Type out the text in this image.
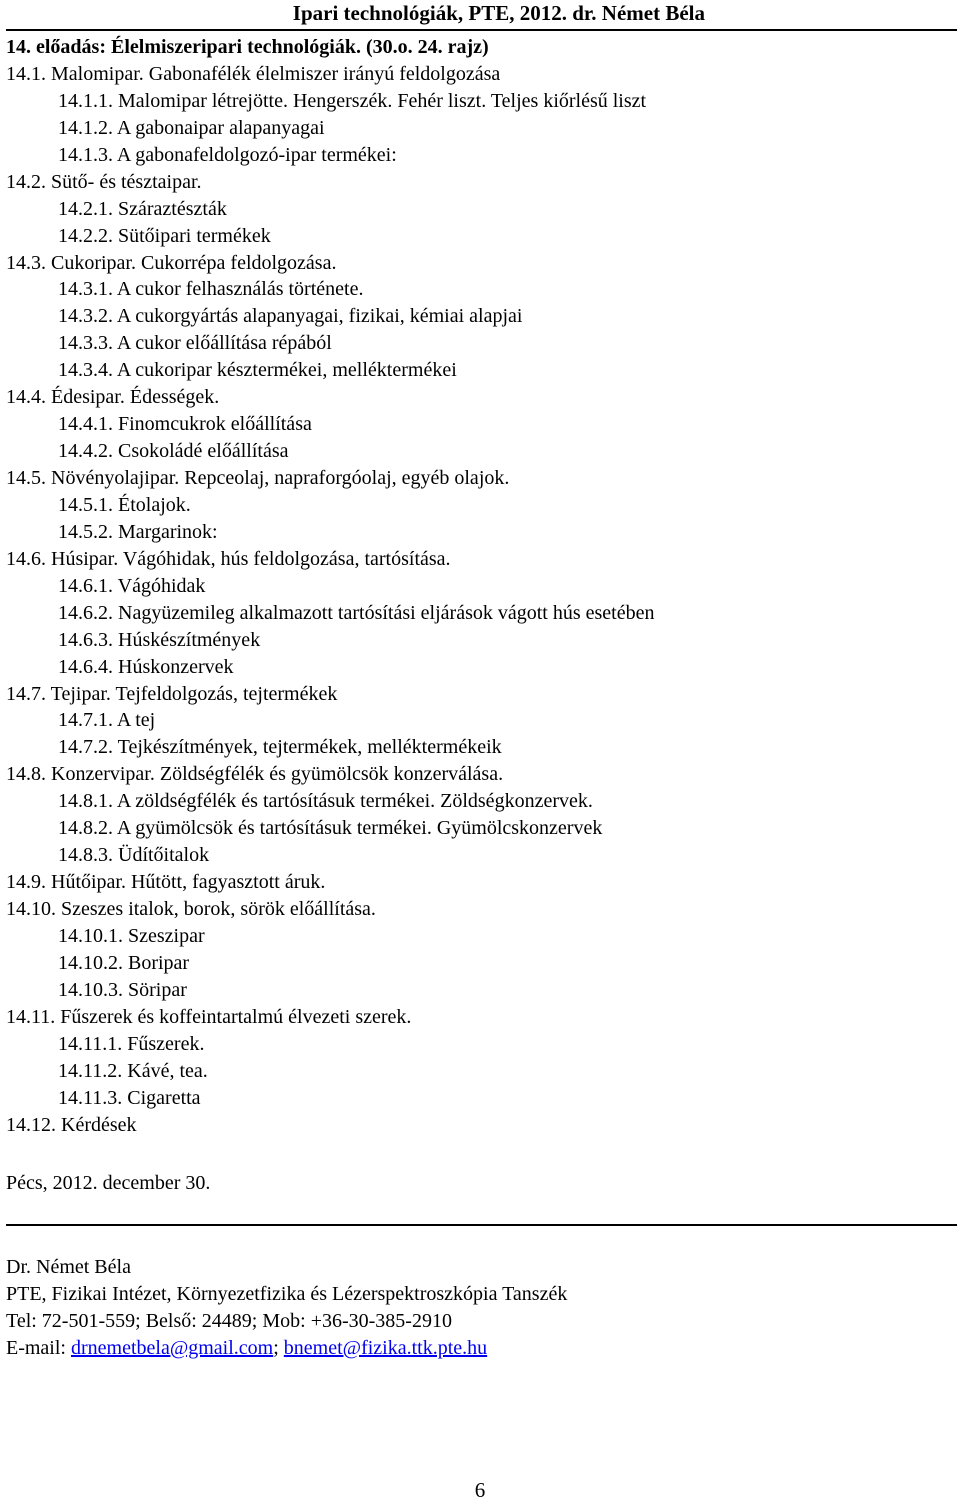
Ipari technológiák, PTE, 2012. dr. Német Béla
14. előadás: Élelmiszeripari technológiák. (30.o. 24. rajz)
14.1. Malomipar. Gabonafélék élelmiszer irányú feldolgozása
14.1.1. Malomipar létrejötte. Hengerszék. Fehér liszt. Teljes kiőrlésű liszt
14.1.2. A gabonaipar alapanyagai
14.1.3. A gabonafeldolgozó-ipar termékei:
14.2. Sütő- és tésztaipar.
14.2.1. Száraztészták
14.2.2. Sütőipari termékek
14.3. Cukoripar. Cukorrépa feldolgozása.
14.3.1. A cukor felhasználás története.
14.3.2. A cukorgyártás alapanyagai, fizikai, kémiai alapjai
14.3.3. A cukor előállítása répából
14.3.4. A cukoripar késztermékei, melléktermékei
14.4. Édesipar. Édességek.
14.4.1. Finomcukrok előállítása
14.4.2. Csokoládé előállítása
14.5. Növényolajipar. Repceolaj, napraforgóolaj, egyéb olajok.
14.5.1. Étolajok.
14.5.2. Margarinok:
14.6. Húsipar. Vágóhidak, hús feldolgozása, tartósítása.
14.6.1. Vágóhidak
14.6.2. Nagyüzemileg alkalmazott tartósítási eljárások vágott hús esetében
14.6.3. Húskészítmények
14.6.4. Húskonzervek
14.7. Tejipar. Tejfeldolgozás, tejtermékek
14.7.1. A tej
14.7.2. Tejkészítmények, tejtermékek, melléktermékeik
14.8. Konzervipar. Zöldségfélék és gyümölcsök konzerválása.
14.8.1. A zöldségfélék és tartósításuk termékei. Zöldségkonzervek.
14.8.2. A gyümölcsök és tartósításuk termékei. Gyümölcskonzervek
14.8.3. Üdítőitalok
14.9. Hűtőipar. Hűtött, fagyasztott áruk.
14.10. Szeszes italok, borok, sörök előállítása.
14.10.1. Szeszipar
14.10.2. Boripar
14.10.3. Söripar
14.11. Fűszerek és koffeintartalmú élvezeti szerek.
14.11.1. Fűszerek.
14.11.2. Kávé, tea.
14.11.3. Cigaretta
14.12. Kérdések
Pécs, 2012. december 30.
Dr. Német Béla
PTE, Fizikai Intézet, Környezetfizika és Lézerspektroszkópia Tanszék
Tel: 72-501-559; Belső: 24489; Mob: +36-30-385-2910
E-mail: drnemetbela@gmail.com; bnemet@fizika.ttk.pte.hu
6
